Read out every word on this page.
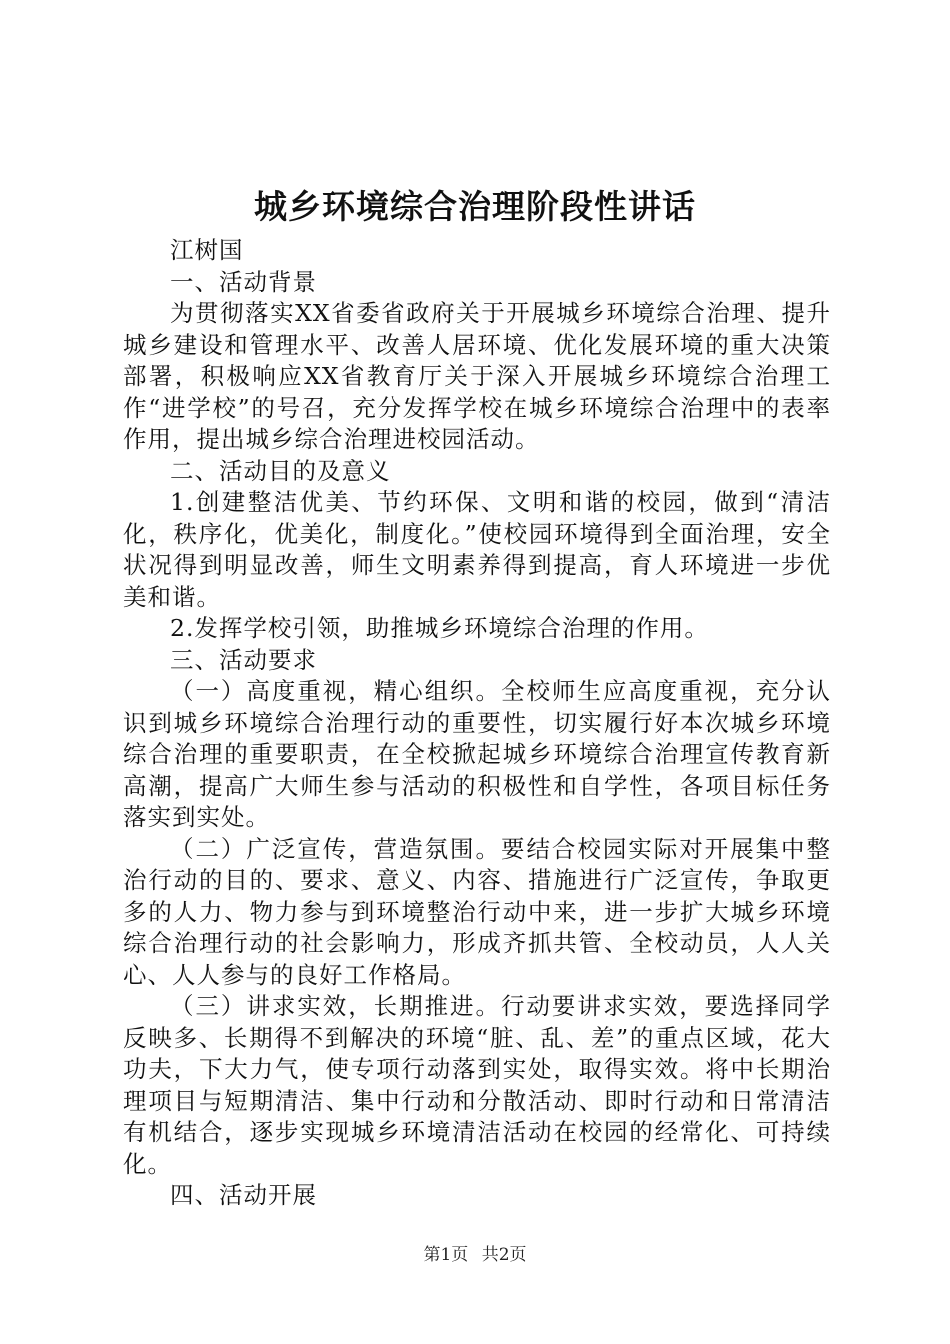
城乡环境综合治理阶段性讲话

江树国

一、活动背景

为贯彻落实XX省委省政府关于开展城乡环境综合治理、提升城乡建设和管理水平、改善人居环境、优化发展环境的重大决策部署，积极响应XX省教育厅关于深入开展城乡环境综合治理工作“进学校”的号召，充分发挥学校在城乡环境综合治理中的表率作用，提出城乡综合治理进校园活动。

二、活动目的及意义

1.创建整洁优美、节约环保、文明和谐的校园，做到“清洁化，秩序化，优美化，制度化。”使校园环境得到全面治理，安全状况得到明显改善，师生文明素养得到提高，育人环境进一步优美和谐。

2.发挥学校引领，助推城乡环境综合治理的作用。

三、活动要求

（一）高度重视，精心组织。全校师生应高度重视，充分认识到城乡环境综合治理行动的重要性，切实履行好本次城乡环境综合治理的重要职责，在全校掀起城乡环境综合治理宣传教育新高潮，提高广大师生参与活动的积极性和自学性，各项目标任务落实到实处。

（二）广泛宣传，营造氛围。要结合校园实际对开展集中整治行动的目的、要求、意义、内容、措施进行广泛宣传，争取更多的人力、物力参与到环境整治行动中来，进一步扩大城乡环境综合治理行动的社会影响力，形成齐抓共管、全校动员，人人关心、人人参与的良好工作格局。

（三）讲求实效，长期推进。行动要讲求实效，要选择同学反映多、长期得不到解决的环境“脏、乱、差”的重点区域，花大功夫，下大力气，使专项行动落到实处，取得实效。将中长期治理项目与短期清洁、集中行动和分散活动、即时行动和日常清洁有机结合，逐步实现城乡环境清洁活动在校园的经常化、可持续化。

四、活动开展

第1页 共2页
